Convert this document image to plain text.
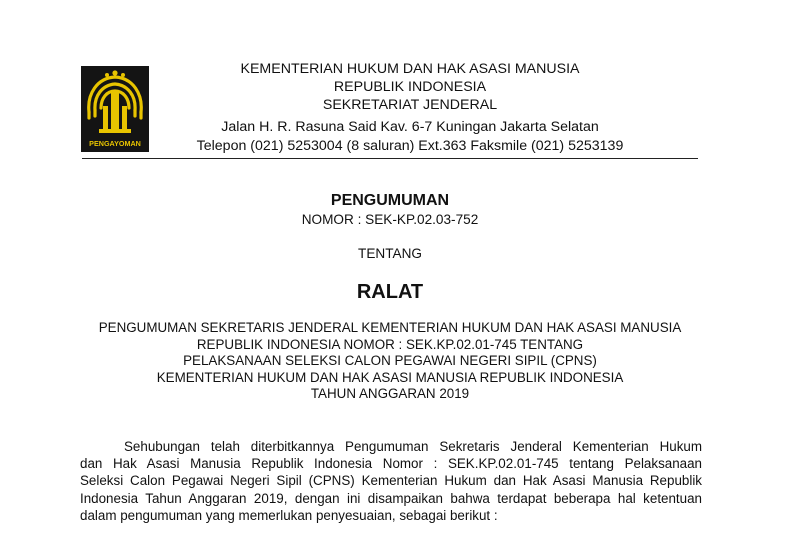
PENGAYOMAN
KEMENTERIAN HUKUM DAN HAK ASASI MANUSIA
REPUBLIK INDONESIA
SEKRETARIAT JENDERAL
Jalan H. R. Rasuna Said Kav. 6-7 Kuningan Jakarta Selatan
Telepon (021) 5253004 (8 saluran) Ext.363 Faksmile (021) 5253139
PENGUMUMAN
NOMOR : SEK-KP.02.03-752
TENTANG
RALAT
PENGUMUMAN SEKRETARIS JENDERAL KEMENTERIAN HUKUM DAN HAK ASASI MANUSIA
REPUBLIK INDONESIA NOMOR : SEK.KP.02.01-745 TENTANG
PELAKSANAAN SELEKSI CALON PEGAWAI NEGERI SIPIL (CPNS)
KEMENTERIAN HUKUM DAN HAK ASASI MANUSIA REPUBLIK INDONESIA
TAHUN ANGGARAN 2019
Sehubungan telah diterbitkannya Pengumuman Sekretaris Jenderal Kementerian Hukum
dan Hak Asasi Manusia Republik Indonesia Nomor : SEK.KP.02.01-745 tentang Pelaksanaan
Seleksi Calon Pegawai Negeri Sipil (CPNS) Kementerian Hukum dan Hak Asasi Manusia Republik
Indonesia Tahun Anggaran 2019, dengan ini disampaikan bahwa terdapat beberapa hal ketentuan
dalam pengumuman yang memerlukan penyesuaian, sebagai berikut :
